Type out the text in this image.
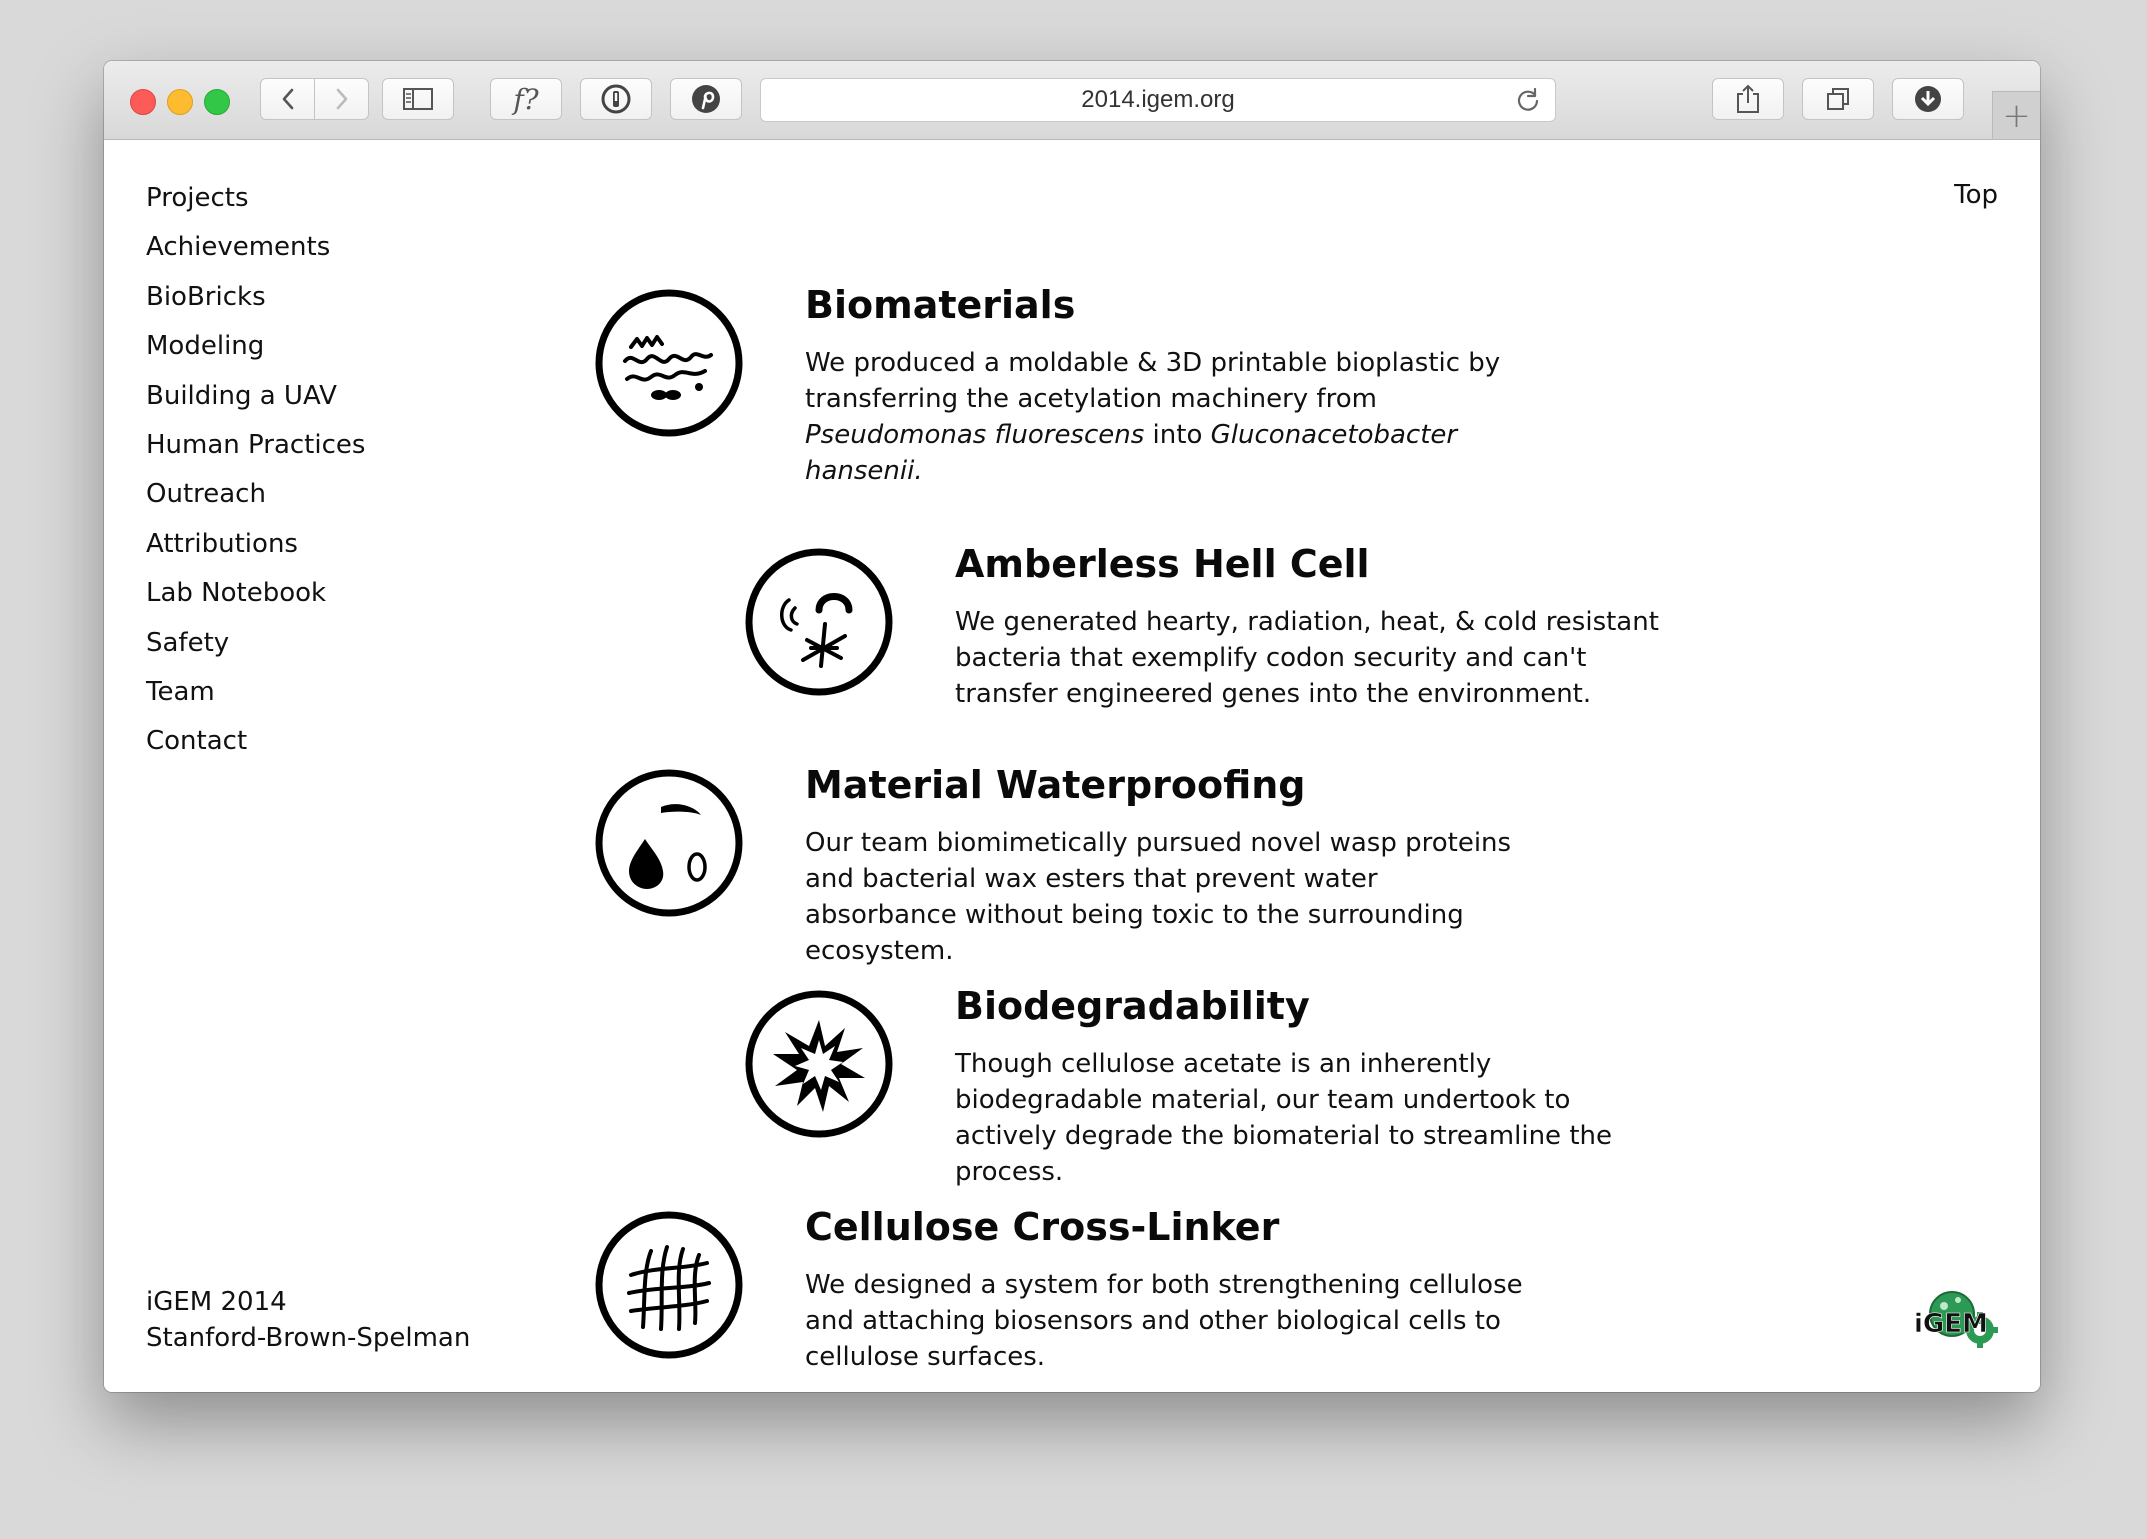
f?	2014.igem.org	+
Projects
Achievements
BioBricks
Modeling
Building a UAV
Human Practices
Outreach
Attributions
Lab Notebook
Safety
Team
Contact
Top
Biomaterials

We produced a moldable & 3D printable bioplastic by transferring the acetylation machinery from Pseudomonas fluorescens into Gluconacetobacter hansenii.

Amberless Hell Cell

We generated hearty, radiation, heat, & cold resistant bacteria that exemplify codon security and can't transfer engineered genes into the environment.

Material Waterproofing

Our team biomimetically pursued novel wasp proteins and bacterial wax esters that prevent water absorbance without being toxic to the surrounding ecosystem.

Biodegradability

Though cellulose acetate is an inherently biodegradable material, our team undertook to actively degrade the biomaterial to streamline the process.

Cellulose Cross-Linker

We designed a system for both strengthening cellulose and attaching biosensors and other biological cells to cellulose surfaces.

iGEM 2014
Stanford-Brown-Spelman	iGEM
